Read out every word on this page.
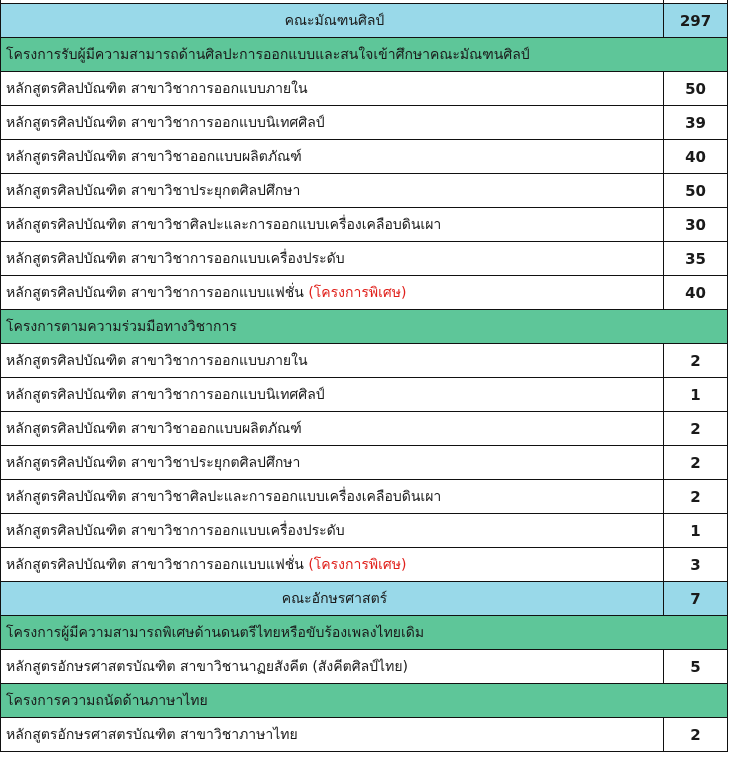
คณะมัณฑนศิลป์	297
โครงการรับผู้มีความสามารถด้านศิลปะการออกแบบและสนใจเข้าศึกษาคณะมัณฑนศิลป์	
หลักสูตรศิลปบัณฑิต สาขาวิชาการออกแบบภายใน	50
หลักสูตรศิลปบัณฑิต สาขาวิชาการออกแบบนิเทศศิลป์	39
หลักสูตรศิลปบัณฑิต สาขาวิชาออกแบบผลิตภัณฑ์	40
หลักสูตรศิลปบัณฑิต สาขาวิชาประยุกตศิลปศึกษา	50
หลักสูตรศิลปบัณฑิต สาขาวิชาศิลปะและการออกแบบเครื่องเคลือบดินเผา	30
หลักสูตรศิลปบัณฑิต สาขาวิชาการออกแบบเครื่องประดับ	35
หลักสูตรศิลปบัณฑิต สาขาวิชาการออกแบบแฟชั่น (โครงการพิเศษ)	40
โครงการตามความร่วมมือทางวิชาการ	
หลักสูตรศิลปบัณฑิต สาขาวิชาการออกแบบภายใน	2
หลักสูตรศิลปบัณฑิต สาขาวิชาการออกแบบนิเทศศิลป์	1
หลักสูตรศิลปบัณฑิต สาขาวิชาออกแบบผลิตภัณฑ์	2
หลักสูตรศิลปบัณฑิต สาขาวิชาประยุกตศิลปศึกษา	2
หลักสูตรศิลปบัณฑิต สาขาวิชาศิลปะและการออกแบบเครื่องเคลือบดินเผา	2
หลักสูตรศิลปบัณฑิต สาขาวิชาการออกแบบเครื่องประดับ	1
หลักสูตรศิลปบัณฑิต สาขาวิชาการออกแบบแฟชั่น (โครงการพิเศษ)	3
คณะอักษรศาสตร์	7
โครงการผู้มีความสามารถพิเศษด้านดนตรีไทยหรือขับร้องเพลงไทยเดิม	
หลักสูตรอักษรศาสตรบัณฑิต สาขาวิชานาฏยสังคีต (สังคีตศิลป์ไทย)	5
โครงการความถนัดด้านภาษาไทย	
หลักสูตรอักษรศาสตรบัณฑิต สาขาวิชาภาษาไทย	2
